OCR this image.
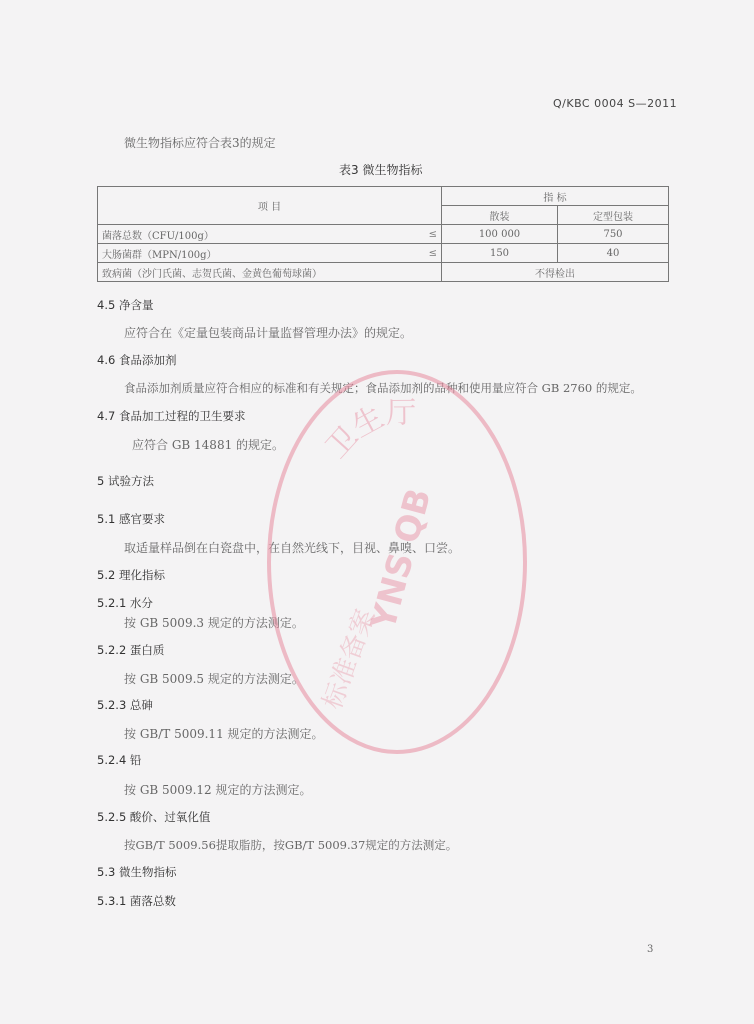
Q/KBC 0004 S—2011
微生物指标应符合表3的规定
表3 微生物指标
项 目		指 标	
		散装	定型包装
菌落总数（CFU/100g）	≤	100 000	750
大肠菌群（MPN/100g）	≤	150	40
致病菌（沙门氏菌、志贺氏菌、金黄色葡萄球菌）		不得检出	
4.5 净含量
应符合在《定量包装商品计量监督管理办法》的规定。
4.6 食品添加剂
食品添加剂质量应符合相应的标准和有关规定；食品添加剂的品种和使用量应符合 GB 2760 的规定。
4.7 食品加工过程的卫生要求
应符合 GB 14881 的规定。
5 试验方法
5.1 感官要求
取适量样品倒在白瓷盘中，在自然光线下，目视、鼻嗅、口尝。
5.2 理化指标
5.2.1 水分
按 GB 5009.3 规定的方法测定。
5.2.2 蛋白质
按 GB 5009.5 规定的方法测定。
5.2.3 总砷
按 GB/T 5009.11 规定的方法测定。
5.2.4 铅
按 GB 5009.12 规定的方法测定。
5.2.5 酸价、过氧化值
按GB/T 5009.56提取脂肪，按GB/T 5009.37规定的方法测定。
5.3 微生物指标
5.3.1 菌落总数
3
卫生厅
YNS QB
标准备案
